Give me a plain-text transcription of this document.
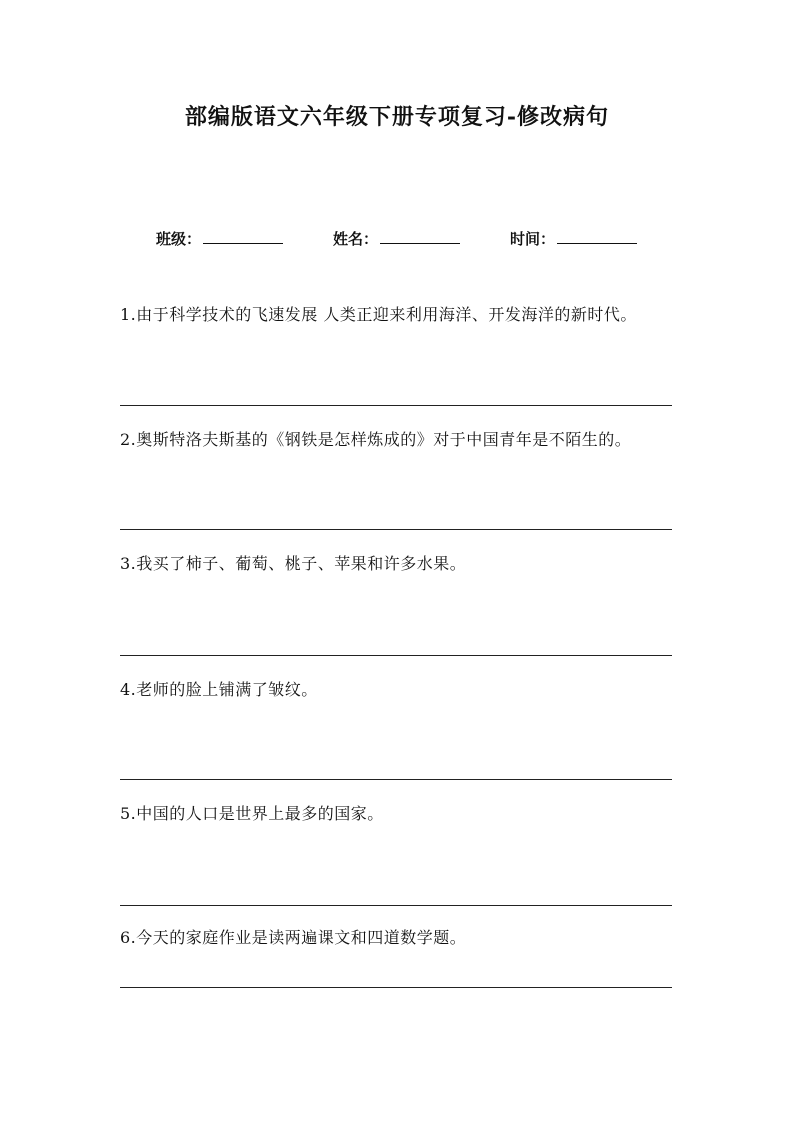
部编版语文六年级下册专项复习-修改病句
班级：	姓名：	时间：
1.由于科学技术的飞速发展 人类正迎来利用海洋、开发海洋的新时代。
2.奥斯特洛夫斯基的《钢铁是怎样炼成的》对于中国青年是不陌生的。
3.我买了柿子、葡萄、桃子、苹果和许多水果。
4.老师的脸上铺满了皱纹。
5.中国的人口是世界上最多的国家。
6.今天的家庭作业是读两遍课文和四道数学题。
